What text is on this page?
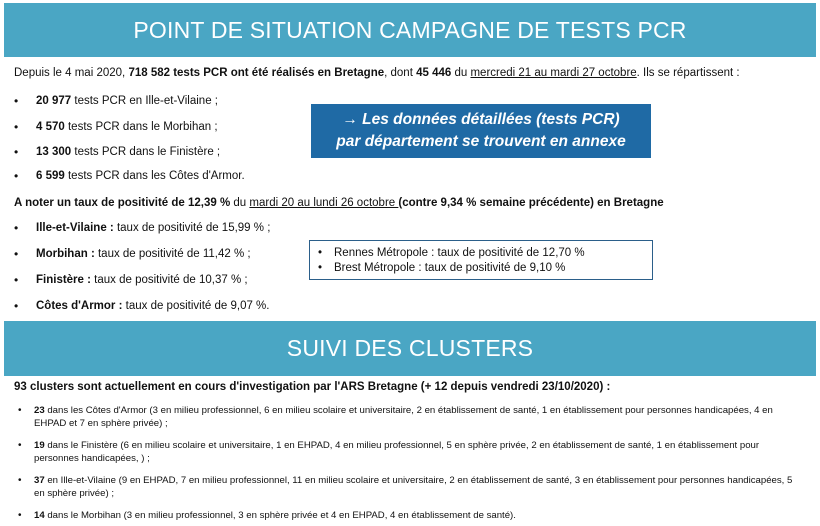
POINT DE SITUATION CAMPAGNE DE TESTS PCR
Depuis le 4 mai 2020, 718 582 tests PCR ont été réalisés en Bretagne, dont 45 446 du mercredi 21 au mardi 27 octobre. Ils se répartissent :
• 20 977 tests PCR en Ille-et-Vilaine ;
• 4 570 tests PCR dans le Morbihan ;
• 13 300 tests PCR dans le Finistère ;
• 6 599 tests PCR dans les Côtes d'Armor.
→ Les données détaillées (tests PCR)
par département se trouvent en annexe
A noter un taux de positivité de 12,39 % du mardi 20 au lundi 26 octobre (contre 9,34 % semaine précédente) en Bretagne
• Ille-et-Vilaine : taux de positivité de 15,99 % ;
• Morbihan : taux de positivité de 11,42 % ;
• Finistère : taux de positivité de 10,37 % ;
• Côtes d'Armor : taux de positivité de 9,07 %.
• Rennes Métropole : taux de positivité de 12,70 %
• Brest Métropole : taux de positivité de 9,10 %
SUIVI DES CLUSTERS
93 clusters sont actuellement en cours d'investigation par l'ARS Bretagne (+ 12 depuis vendredi 23/10/2020) :
• 23 dans les Côtes d'Armor (3 en milieu professionnel, 6 en milieu scolaire et universitaire, 2 en établissement de santé, 1 en établissement pour personnes handicapées, 4 en EHPAD et 7 en sphère privée) ;
• 19 dans le Finistère (6 en milieu scolaire et universitaire, 1 en EHPAD, 4 en milieu professionnel, 5 en sphère privée, 2 en établissement de santé, 1 en établissement pour personnes handicapées, ) ;
• 37 en Ille-et-Vilaine (9 en EHPAD, 7 en milieu professionnel, 11 en milieu scolaire et universitaire, 2 en établissement de santé, 3 en établissement pour personnes handicapées, 5 en sphère privée) ;
• 14 dans le Morbihan (3 en milieu professionnel, 3 en sphère privée et 4 en EHPAD, 4 en établissement de santé).
